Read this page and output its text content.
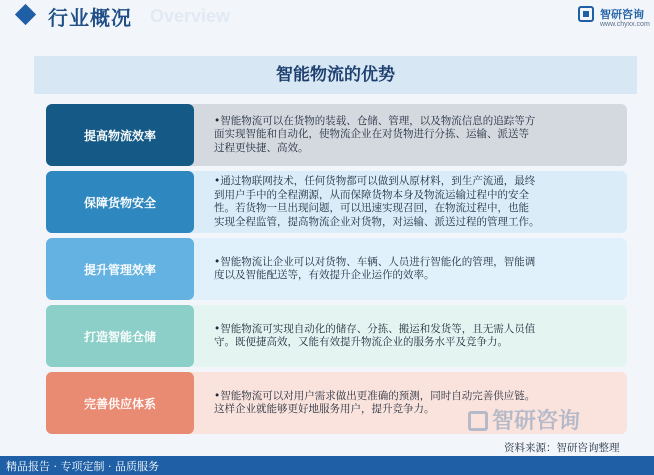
行业概况 Overview	智研咨询
www.chyxx.com
智能物流的优势
提高物流效率
•智能物流可以在货物的装载、仓储、管理，以及物流信息的追踪等方
面实现智能和自动化，使物流企业在对货物进行分拣、运输、派送等
过程更快捷、高效。
保障货物安全
•通过物联网技术，任何货物都可以做到从原材料，到生产流通，最终
到用户手中的全程溯源，从而保障货物本身及物流运输过程中的安全
性。若货物一旦出现问题，可以迅速实现召回，在物流过程中，也能
实现全程监管，提高物流企业对货物，对运输、派送过程的管理工作。
提升管理效率
•智能物流让企业可以对货物、车辆、人员进行智能化的管理，智能调
度以及智能配送等，有效提升企业运作的效率。
打造智能仓储
•智能物流可实现自动化的储存、分拣、搬运和发货等，且无需人员值
守。既便捷高效，又能有效提升物流企业的服务水平及竞争力。
完善供应体系
•智能物流可以对用户需求做出更准确的预测，同时自动完善供应链。
这样企业就能够更好地服务用户，提升竞争力。	智研咨询
资料来源：智研咨询整理
精品报告 · 专项定制 · 品质服务
